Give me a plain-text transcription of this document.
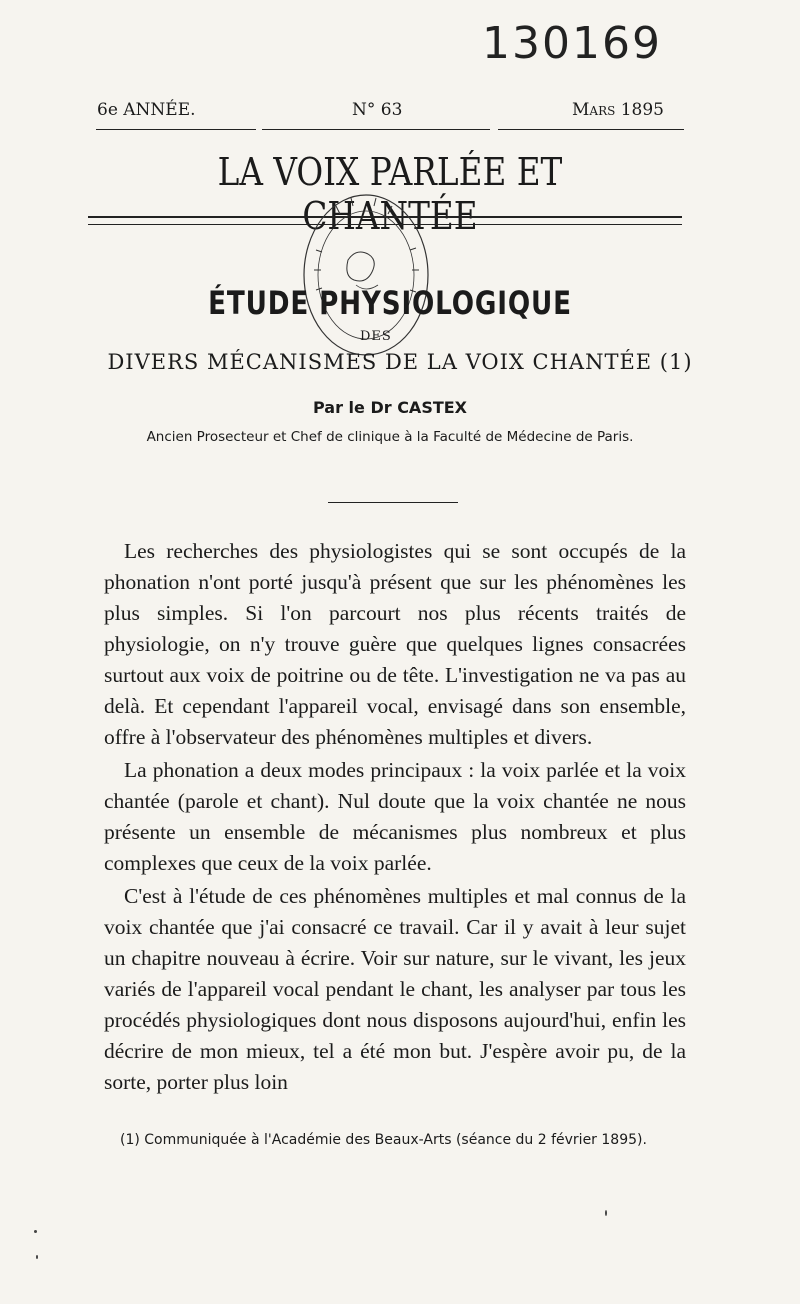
130169
6e ANNÉE.	N° 63	Mars 1895
LA VOIX PARLÉE ET CHANTÉE
ÉTUDE PHYSIOLOGIQUE
DES
DIVERS MÉCANISMES DE LA VOIX CHANTÉE (1)
Par le Dr CASTEX
Ancien Prosecteur et Chef de clinique à la Faculté de Médecine de Paris.

Les recherches des physiologistes qui se sont occupés de la phonation n'ont porté jusqu'à présent que sur les phénomènes les plus simples. Si l'on parcourt nos plus récents traités de physiologie, on n'y trouve guère que quelques lignes consacrées surtout aux voix de poitrine ou de tête. L'investigation ne va pas au delà. Et cependant l'appareil vocal, envisagé dans son ensemble, offre à l'observateur des phénomènes multiples et divers.

La phonation a deux modes principaux : la voix parlée et la voix chantée (parole et chant). Nul doute que la voix chantée ne nous présente un ensemble de mécanismes plus nombreux et plus complexes que ceux de la voix parlée.

C'est à l'étude de ces phénomènes multiples et mal connus de la voix chantée que j'ai consacré ce travail. Car il y avait à leur sujet un chapitre nouveau à écrire. Voir sur nature, sur le vivant, les jeux variés de l'appareil vocal pendant le chant, les analyser par tous les procédés physiologiques dont nous disposons aujourd'hui, enfin les décrire de mon mieux, tel a été mon but. J'espère avoir pu, de la sorte, porter plus loin

(1) Communiquée à l'Académie des Beaux-Arts (séance du 2 février 1895).
